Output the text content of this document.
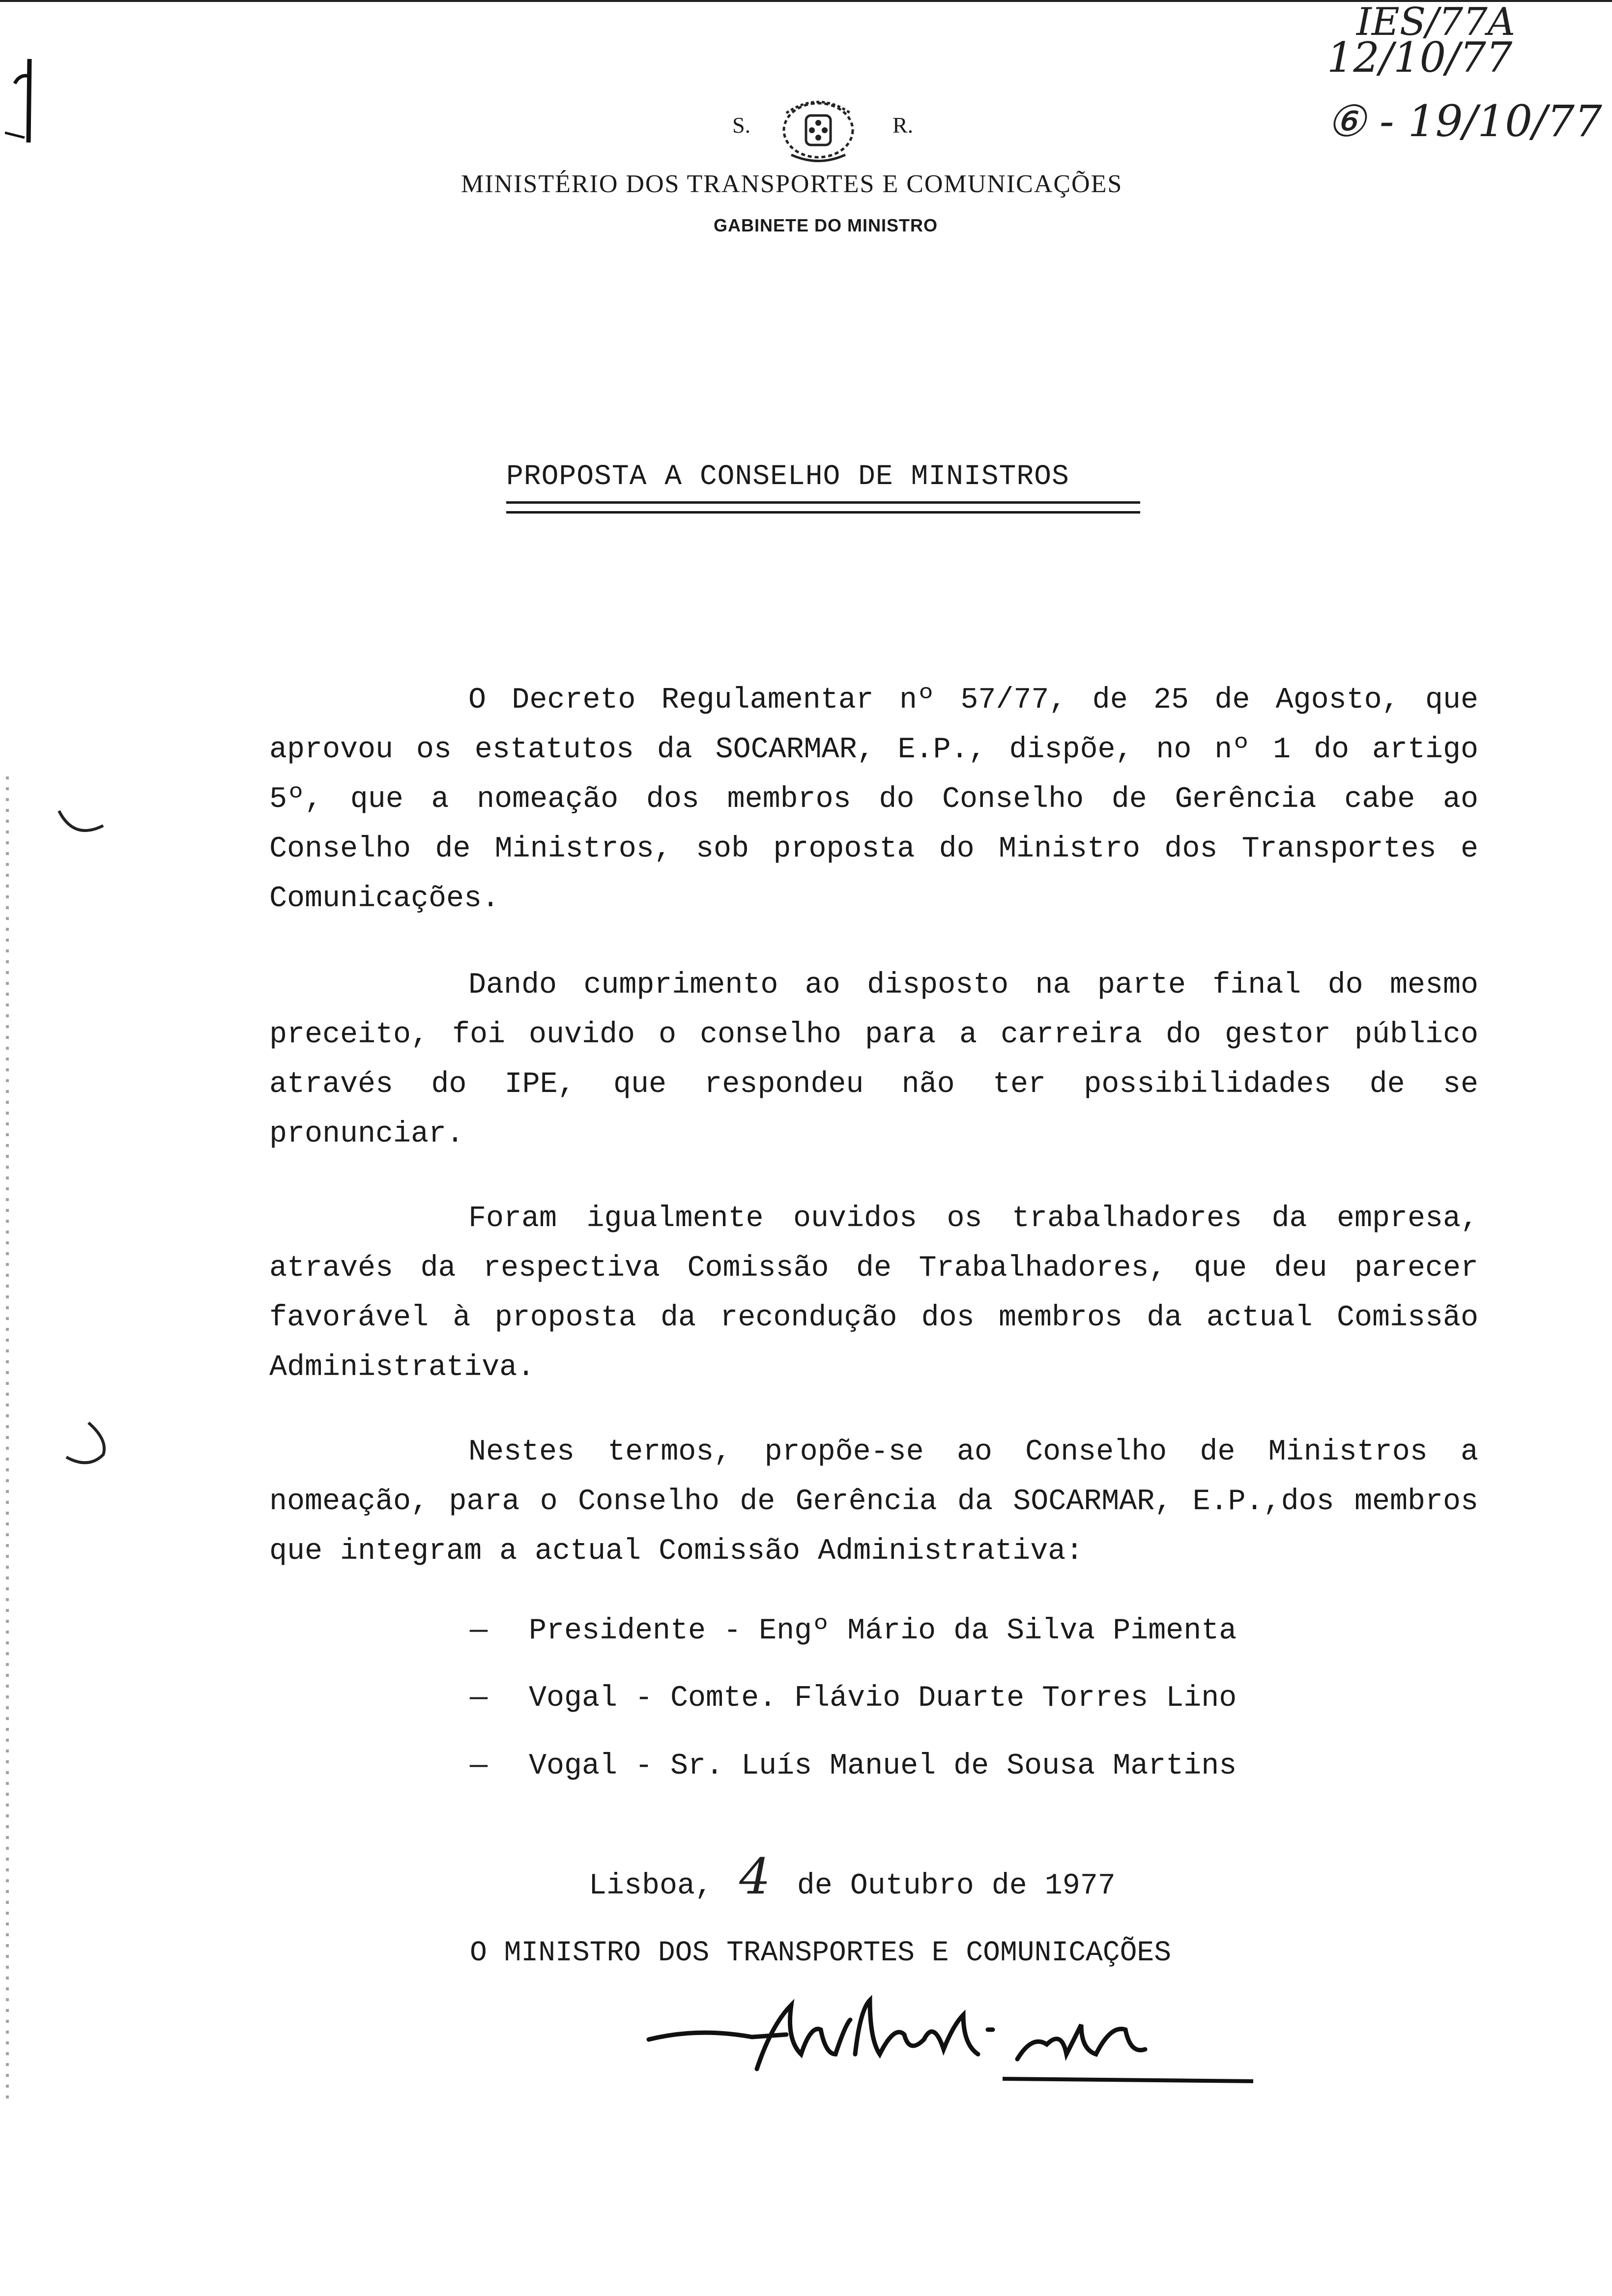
IES/77A
12/10/77
⑥ - 19/10/77
S.	R.
MINISTÉRIO DOS TRANSPORTES E COMUNICAÇÕES
GABINETE DO MINISTRO
PROPOSTA A CONSELHO DE MINISTROS

O Decreto Regulamentar nº 57/77, de 25 de Agosto, que aprovou os estatutos da SOCARMAR, E.P., dispõe, no nº 1 do artigo 5º, que a nomeação dos membros do Conselho de Gerência cabe ao Conselho de Ministros, sob proposta do Ministro dos Transportes e Comunicações.

Dando cumprimento ao disposto na parte final do mesmo preceito, foi ouvido o conselho para a carreira do gestor público através do IPE, que respondeu não ter possibilidades de se pronunciar.

Foram igualmente ouvidos os trabalhadores da empresa, através da respectiva Comissão de Trabalhadores, que deu parecer favorável à proposta da recondução dos membros da actual Comissão Administrativa.

Nestes termos, propõe-se ao Conselho de Ministros a nomeação, para o Conselho de Gerência da SOCARMAR, E.P.,dos membros que integram a actual Comissão Administrativa:

— Presidente - Engº Mário da Silva Pimenta
— Vogal - Comte. Flávio Duarte Torres Lino
— Vogal - Sr. Luís Manuel de Sousa Martins
Lisboa, 4 de Outubro de 1977
O MINISTRO DOS TRANSPORTES E COMUNICAÇÕES
